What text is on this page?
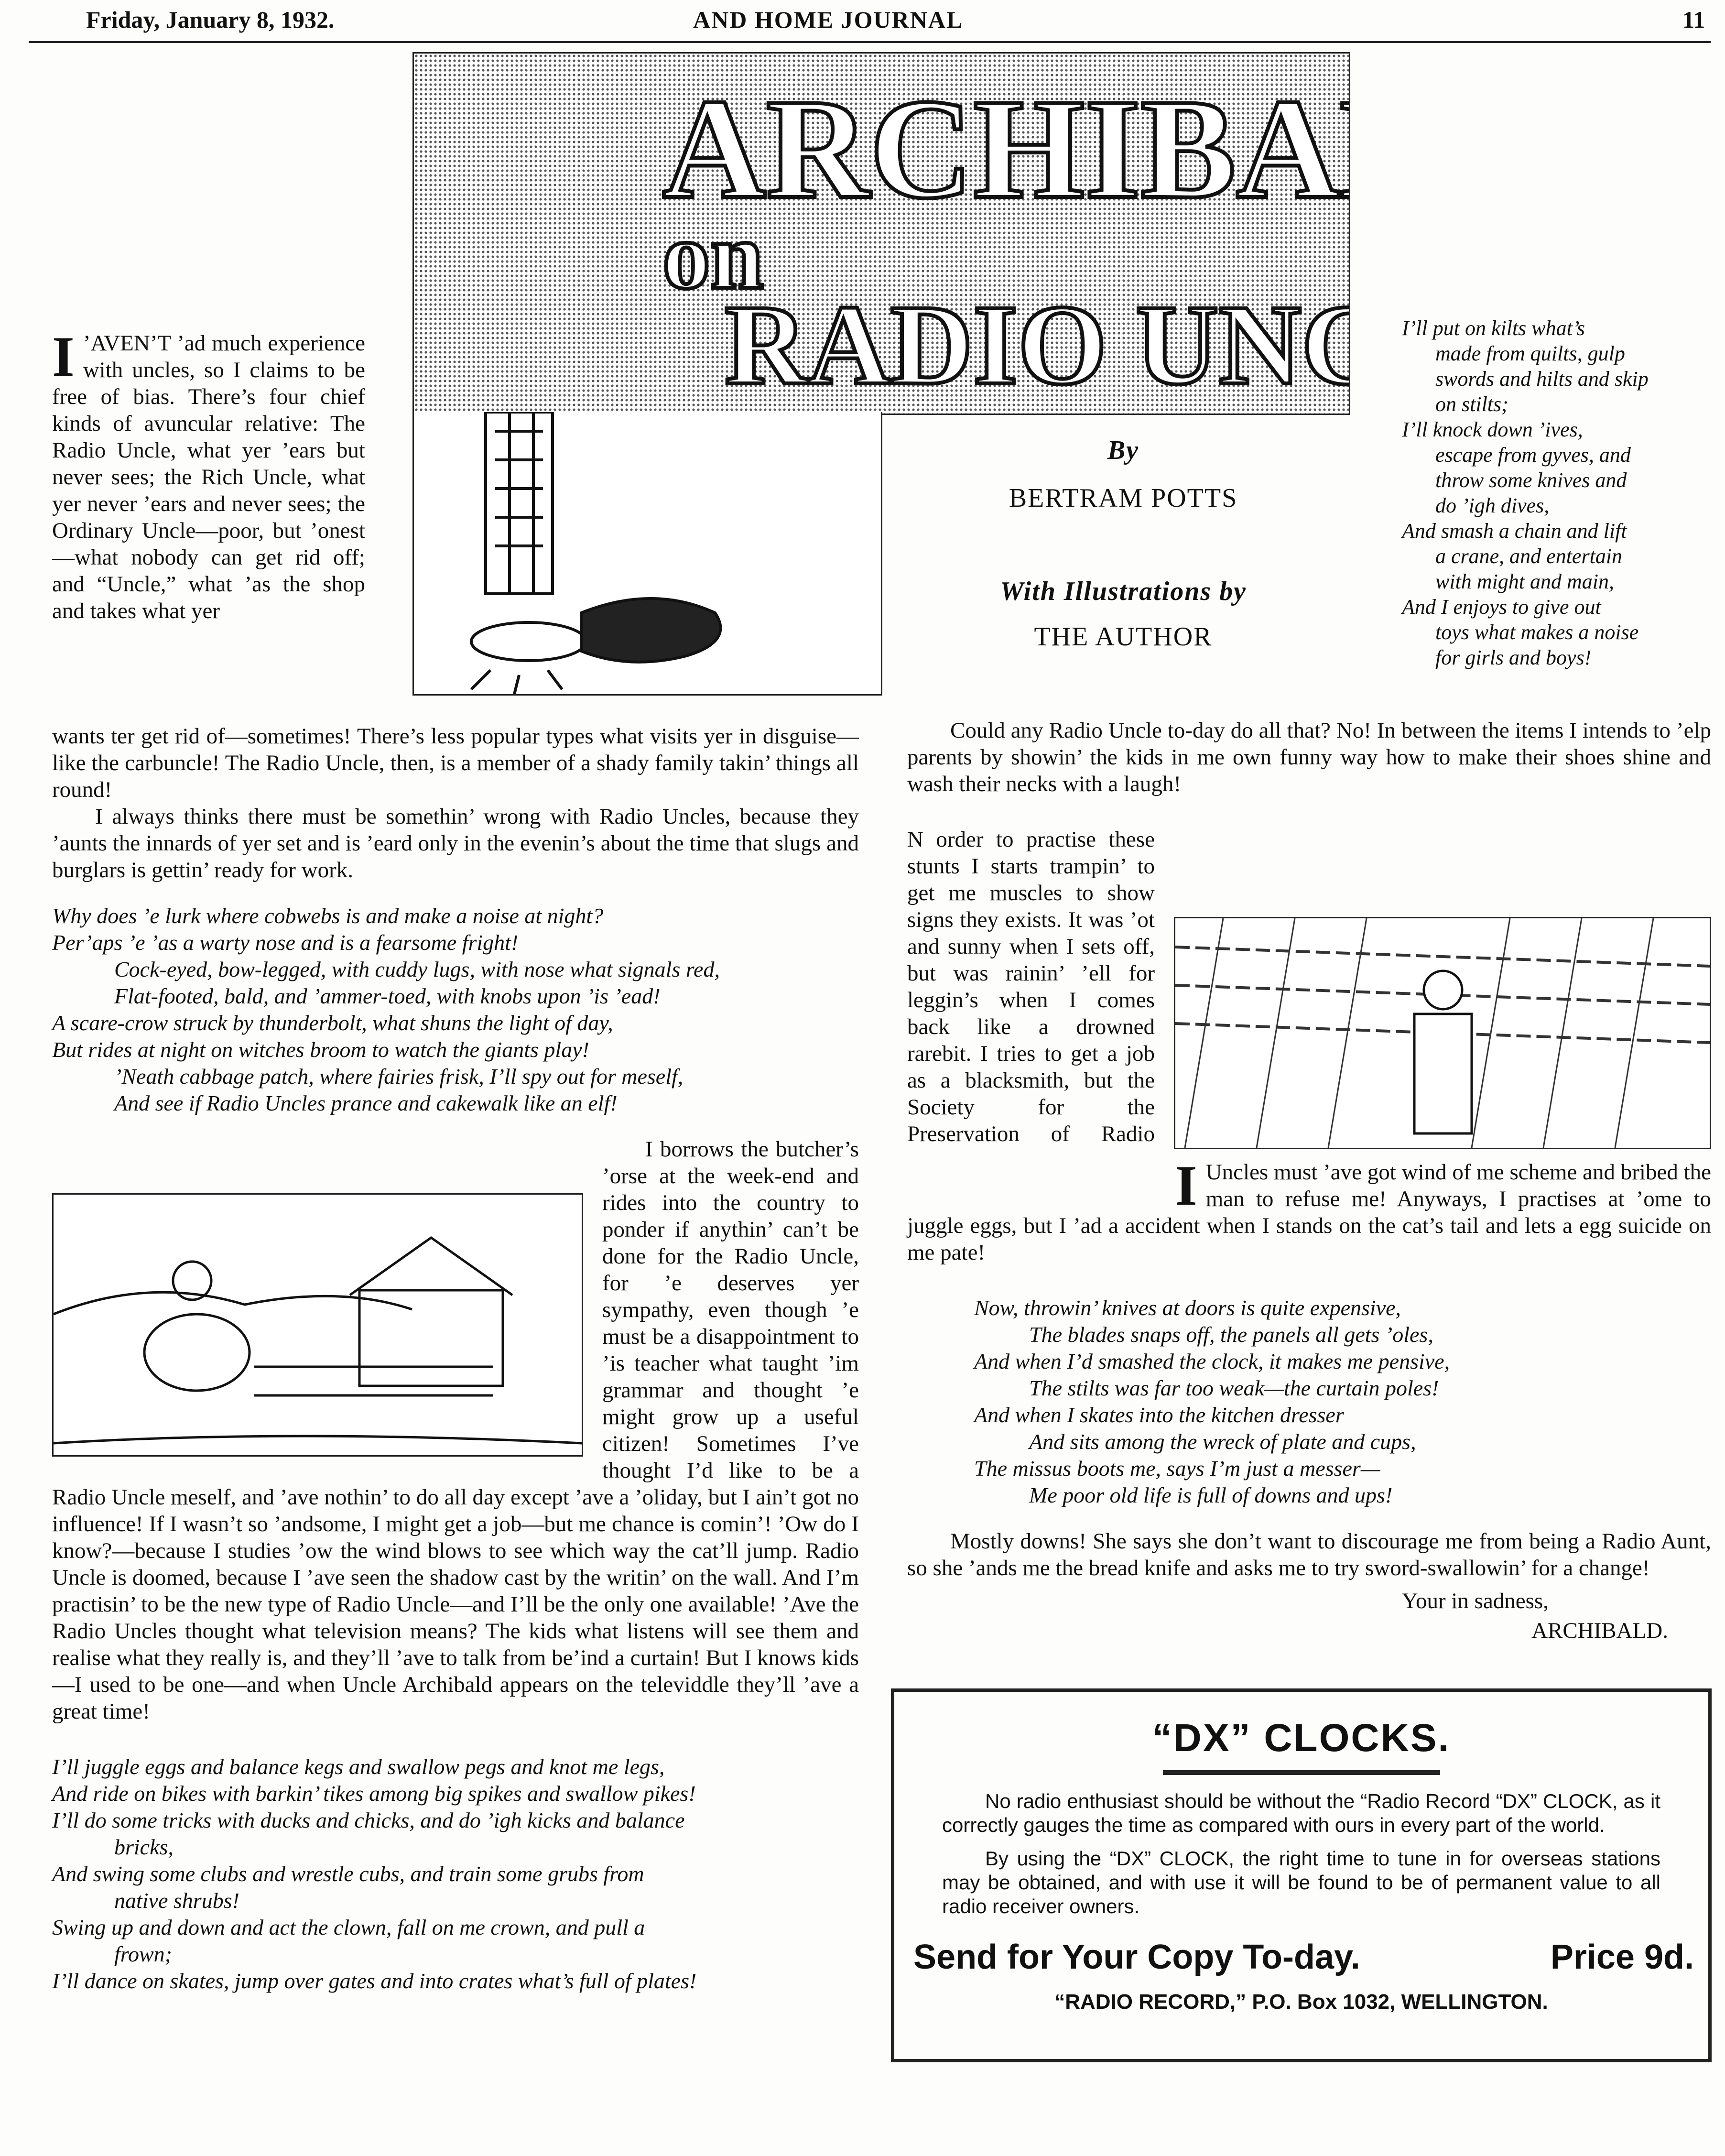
Friday, January 8, 1932.	AND HOME JOURNAL	11
ARCHIBA
on
RADIO UNC
I ’AVEN’T ’ad much experience with uncles, so I claims to be free of bias. There’s four chief kinds of avuncular relative: The Radio Uncle, what yer ’ears but never sees; the Rich Uncle, what yer never ’ears and never sees; the Ordinary Uncle—poor, but ’onest—what nobody can get rid off; and “Uncle,” what ’as the shop and takes what yer
I’ll put on kilts what’s
made from quilts, gulp
swords and hilts and skip
on stilts;
I’ll knock down ’ives,
escape from gyves, and
throw some knives and
do ’igh dives,
And smash a chain and lift
a crane, and entertain
with might and main,
And I enjoys to give out
toys what makes a noise
for girls and boys!
By
BERTRAM POTTS
With Illustrations by
THE AUTHOR

wants ter get rid of—sometimes! There’s less popular types what visits yer in disguise—like the carbuncle! The Radio Uncle, then, is a member of a shady family takin’ things all round!

I always thinks there must be somethin’ wrong with Radio Uncles, because they ’aunts the innards of yer set and is ’eard only in the evenin’s about the time that slugs and burglars is gettin’ ready for work.

Why does ’e lurk where cobwebs is and make a noise at night?
Per’aps ’e ’as a warty nose and is a fearsome fright!
Cock-eyed, bow-legged, with cuddy lugs, with nose what signals red,
Flat-footed, bald, and ’ammer-toed, with knobs upon ’is ’ead!
A scare-crow struck by thunderbolt, what shuns the light of day,
But rides at night on witches broom to watch the giants play!
’Neath cabbage patch, where fairies frisk, I’ll spy out for meself,
And see if Radio Uncles prance and cakewalk like an elf!

I borrows the butcher’s ’orse at the week-end and rides into the country to ponder if anythin’ can’t be done for the Radio Uncle, for ’e deserves yer sympathy, even though ’e must be a disappointment to ’is teacher what taught ’im grammar and thought ’e might grow up a useful citizen! Sometimes I’ve thought I’d like to be a Radio Uncle meself, and ’ave nothin’ to do all day except ’ave a ’oliday, but I ain’t got no influence! If I wasn’t so ’andsome, I might get a job—but me chance is comin’! ’Ow do I know?—because I studies ’ow the wind blows to see which way the cat’ll jump. Radio Uncle is doomed, because I ’ave seen the shadow cast by the writin’ on the wall. And I’m practisin’ to be the new type of Radio Uncle—and I’ll be the only one available! ’Ave the Radio Uncles thought what television means? The kids what listens will see them and realise what they really is, and they’ll ’ave to talk from be’ind a curtain! But I knows kids—I used to be one—and when Uncle Archibald appears on the televiddle they’ll ’ave a great time!

I’ll juggle eggs and balance kegs and swallow pegs and knot me legs,
And ride on bikes with barkin’ tikes among big spikes and swallow pikes!
I’ll do some tricks with ducks and chicks, and do ’igh kicks and balance
bricks,
And swing some clubs and wrestle cubs, and train some grubs from
native shrubs!
Swing up and down and act the clown, fall on me crown, and pull a
frown;
I’ll dance on skates, jump over gates and into crates what’s full of plates!

Could any Radio Uncle to-day do all that? No! In between the items I intends to ’elp parents by showin’ the kids in me own funny way how to make their shoes shine and wash their necks with a laugh!

I
N order to practise these stunts I starts trampin’ to get me muscles to show signs they exists. It was ’ot and sunny when I sets off, but was rainin’ ’ell for leggin’s when I comes back like a drowned rarebit. I tries to get a job as a blacksmith, but the Society for the Preservation of Radio Uncles must ’ave got wind of me scheme and bribed the man to refuse me! Anyways, I practises at ’ome to juggle eggs, but I ’ad a accident when I stands on the cat’s tail and lets a egg suicide on me pate!

Now, throwin’ knives at doors is quite expensive,
The blades snaps off, the panels all gets ’oles,
And when I’d smashed the clock, it makes me pensive,
The stilts was far too weak—the curtain poles!
And when I skates into the kitchen dresser
And sits among the wreck of plate and cups,
The missus boots me, says I’m just a messer—
Me poor old life is full of downs and ups!

Mostly downs! She says she don’t want to discourage me from being a Radio Aunt, so she ’ands me the bread knife and asks me to try sword-swallowin’ for a change!

Your in sadness,
ARCHIBALD.
“DX” CLOCKS.

No radio enthusiast should be without the “Radio Record “DX” CLOCK, as it correctly gauges the time as compared with ours in every part of the world.

By using the “DX” CLOCK, the right time to tune in for overseas stations may be obtained, and with use it will be found to be of permanent value to all radio receiver owners.

Send for Your Copy To-day.	Price 9d.
“RADIO RECORD,” P.O. Box 1032, WELLINGTON.
